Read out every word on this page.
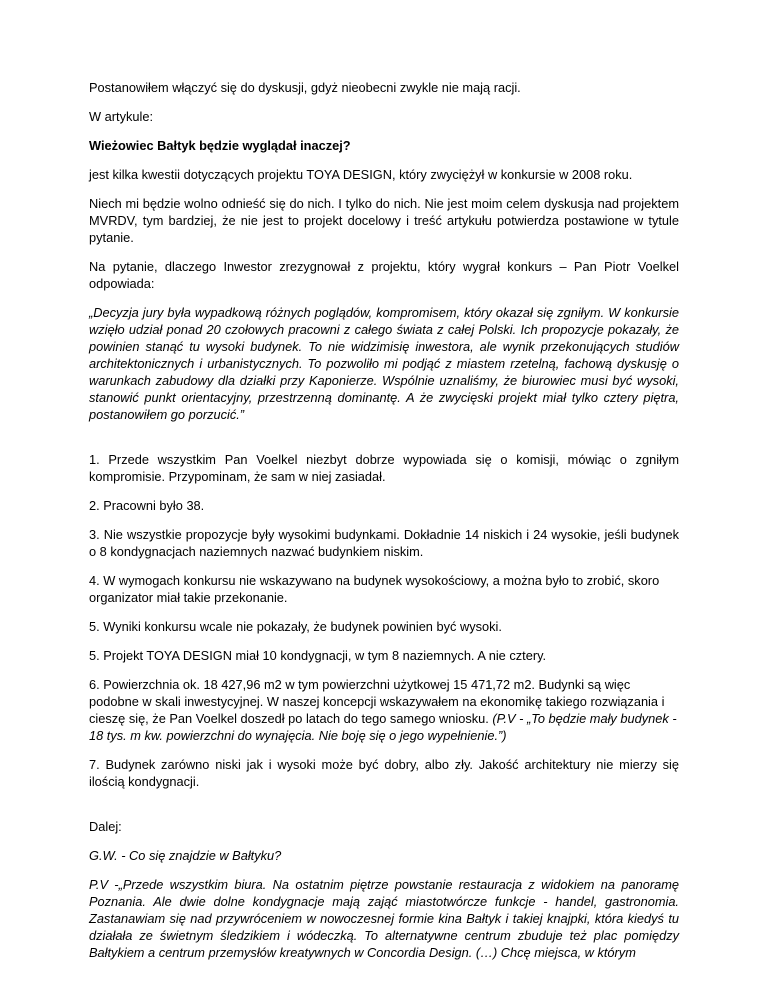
Postanowiłem włączyć się do dyskusji, gdyż nieobecni zwykle nie mają racji.

W artykule:

Wieżowiec Bałtyk będzie wyglądał inaczej?

jest kilka kwestii dotyczących projektu TOYA DESIGN, który zwyciężył w konkursie w 2008 roku.

Niech mi będzie wolno odnieść się do nich. I tylko do nich. Nie jest moim celem dyskusja nad projektem MVRDV, tym bardziej, że nie jest to projekt docelowy i treść artykułu potwierdza postawione w tytule pytanie.

Na pytanie, dlaczego Inwestor zrezygnował z projektu, który wygrał konkurs – Pan Piotr Voelkel odpowiada:

„Decyzja jury była wypadkową różnych poglądów, kompromisem, który okazał się zgniłym. W konkursie wzięło udział ponad 20 czołowych pracowni z całego świata z całej Polski. Ich propozycje pokazały, że powinien stanąć tu wysoki budynek. To nie widzimisię inwestora, ale wynik przekonujących studiów architektonicznych i urbanistycznych. To pozwoliło mi podjąć z miastem rzetelną, fachową dyskusję o warunkach zabudowy dla działki przy Kaponierze. Wspólnie uznaliśmy, że biurowiec musi być wysoki, stanowić punkt orientacyjny, przestrzenną dominantę. A że zwycięski projekt miał tylko cztery piętra, postanowiłem go porzucić.”

1. Przede wszystkim Pan Voelkel niezbyt dobrze wypowiada się o komisji, mówiąc o zgniłym kompromisie. Przypominam, że sam w niej zasiadał.

2. Pracowni było 38.

3. Nie wszystkie propozycje były wysokimi budynkami. Dokładnie 14 niskich i 24 wysokie, jeśli budynek o 8 kondygnacjach naziemnych nazwać budynkiem niskim.

4. W wymogach konkursu nie wskazywano na budynek wysokościowy, a można było to zrobić, skoro organizator miał takie przekonanie.

5. Wyniki konkursu wcale nie pokazały, że budynek powinien być wysoki.

5. Projekt TOYA DESIGN miał 10 kondygnacji, w tym 8 naziemnych. A nie cztery.

6. Powierzchnia ok. 18 427,96 m2 w tym powierzchni użytkowej 15 471,72 m2. Budynki są więc podobne w skali inwestycyjnej. W naszej koncepcji wskazywałem na ekonomikę takiego rozwiązania i cieszę się, że Pan Voelkel doszedł po latach do tego samego wniosku. (P.V - „To będzie mały budynek - 18 tys. m kw. powierzchni do wynajęcia. Nie boję się o jego wypełnienie.”)

7. Budynek zarówno niski jak i wysoki może być dobry, albo zły. Jakość architektury nie mierzy się ilością kondygnacji.

Dalej:

G.W. - Co się znajdzie w Bałtyku?

P.V -„Przede wszystkim biura. Na ostatnim piętrze powstanie restauracja z widokiem na panoramę Poznania. Ale dwie dolne kondygnacje mają zająć miastotwórcze funkcje - handel, gastronomia. Zastanawiam się nad przywróceniem w nowoczesnej formie kina Bałtyk i takiej knajpki, która kiedyś tu działała ze świetnym śledzikiem i wódeczką. To alternatywne centrum zbuduje też plac pomiędzy Bałtykiem a centrum przemysłów kreatywnych w Concordia Design. (…) Chcę miejsca, w którym
